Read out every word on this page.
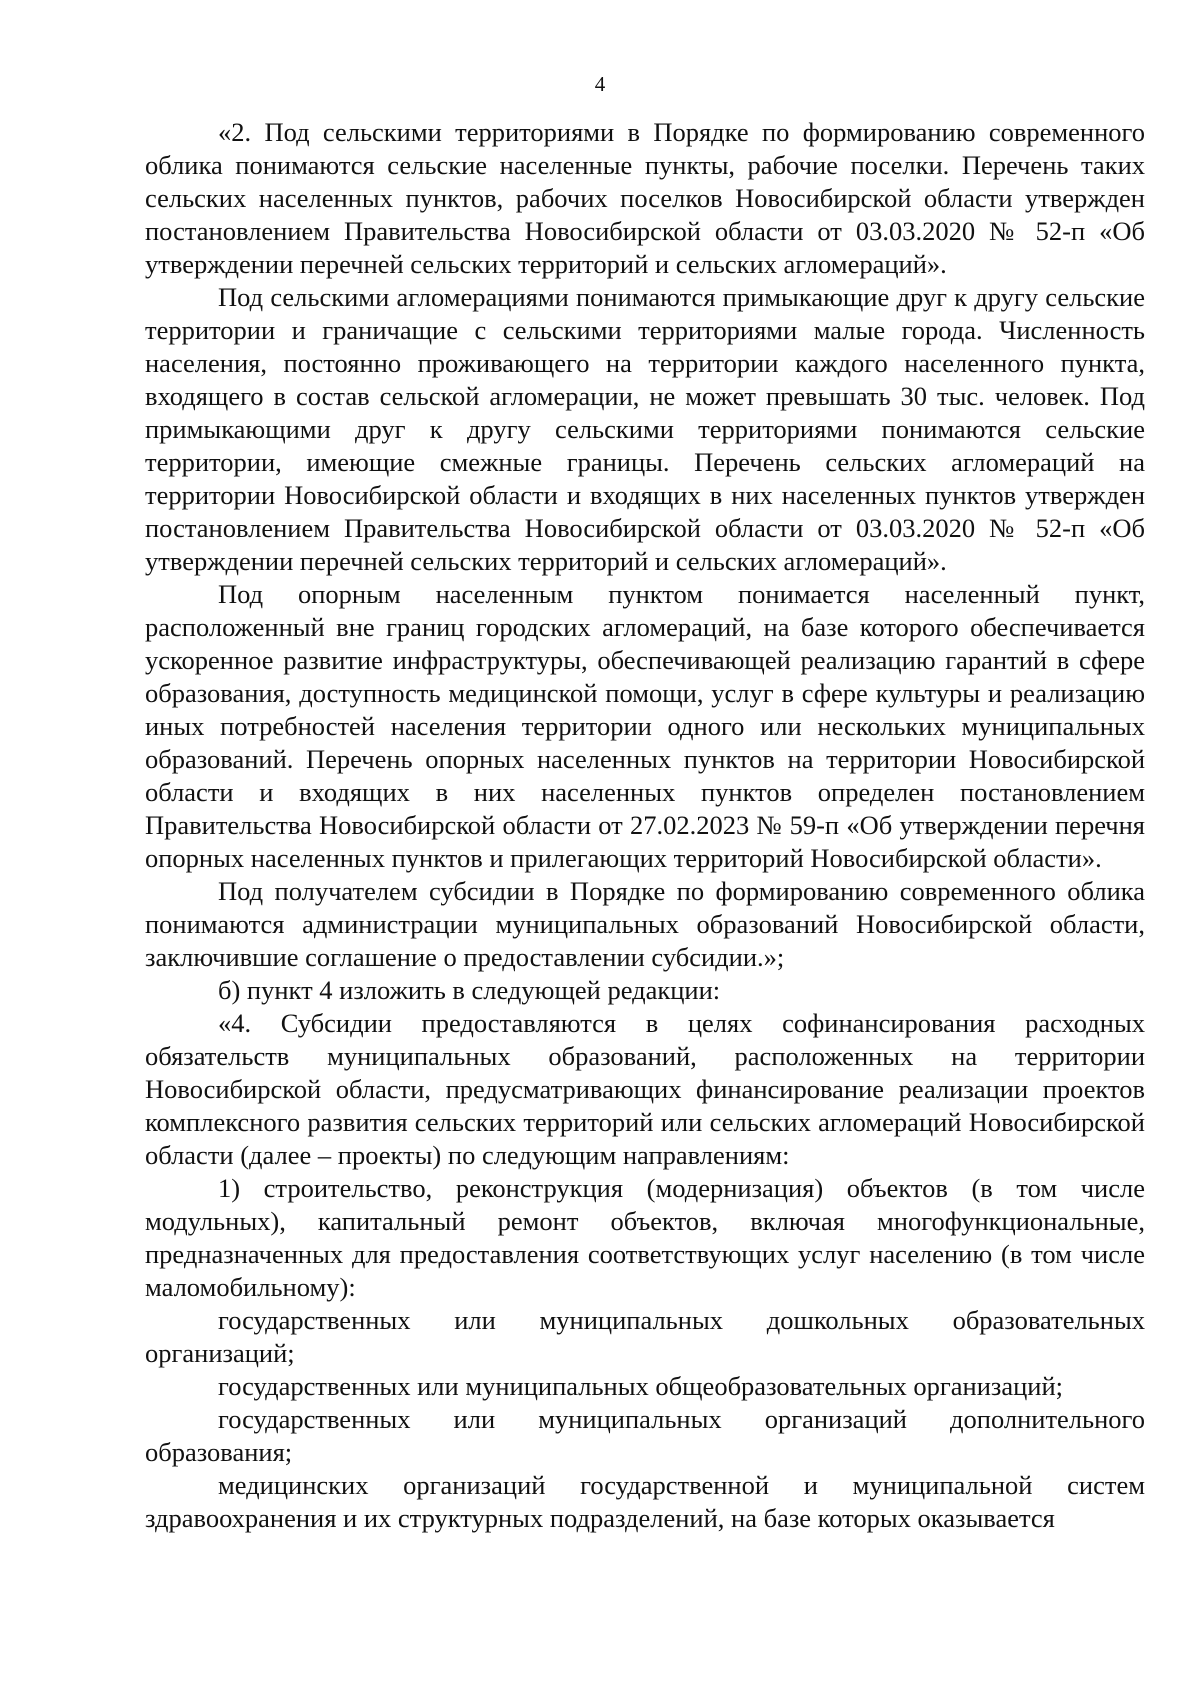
4

«2. Под сельскими территориями в Порядке по формированию современного облика понимаются сельские населенные пункты, рабочие поселки. Перечень таких сельских населенных пунктов, рабочих поселков Новосибирской области утвержден постановлением Правительства Новосибирской области от 03.03.2020 № 52-п «Об утверждении перечней сельских территорий и сельских агломераций».

Под сельскими агломерациями понимаются примыкающие друг к другу сельские территории и граничащие с сельскими территориями малые города. Численность населения, постоянно проживающего на территории каждого населенного пункта, входящего в состав сельской агломерации, не может превышать 30 тыс. человек. Под примыкающими друг к другу сельскими территориями понимаются сельские территории, имеющие смежные границы. Перечень сельских агломераций на территории Новосибирской области и входящих в них населенных пунктов утвержден постановлением Правительства Новосибирской области от 03.03.2020 № 52-п «Об утверждении перечней сельских территорий и сельских агломераций».

Под опорным населенным пунктом понимается населенный пункт, расположенный вне границ городских агломераций, на базе которого обеспечивается ускоренное развитие инфраструктуры, обеспечивающей реализацию гарантий в сфере образования, доступность медицинской помощи, услуг в сфере культуры и реализацию иных потребностей населения территории одного или нескольких муниципальных образований. Перечень опорных населенных пунктов на территории Новосибирской области и входящих в них населенных пунктов определен постановлением Правительства Новосибирской области от 27.02.2023 № 59-п «Об утверждении перечня опорных населенных пунктов и прилегающих территорий Новосибирской области».

Под получателем субсидии в Порядке по формированию современного облика понимаются администрации муниципальных образований Новосибирской области, заключившие соглашение о предоставлении субсидии.»;

б) пункт 4 изложить в следующей редакции:

«4. Субсидии предоставляются в целях софинансирования расходных обязательств муниципальных образований, расположенных на территории Новосибирской области, предусматривающих финансирование реализации проектов комплексного развития сельских территорий или сельских агломераций Новосибирской области (далее – проекты) по следующим направлениям:

1) строительство, реконструкция (модернизация) объектов (в том числе модульных), капитальный ремонт объектов, включая многофункциональные, предназначенных для предоставления соответствующих услуг населению (в том числе маломобильному):

государственных или муниципальных дошкольных образовательных организаций;

государственных или муниципальных общеобразовательных организаций;

государственных или муниципальных организаций дополнительного образования;

медицинских организаций государственной и муниципальной систем здравоохранения и их структурных подразделений, на базе которых оказывается
